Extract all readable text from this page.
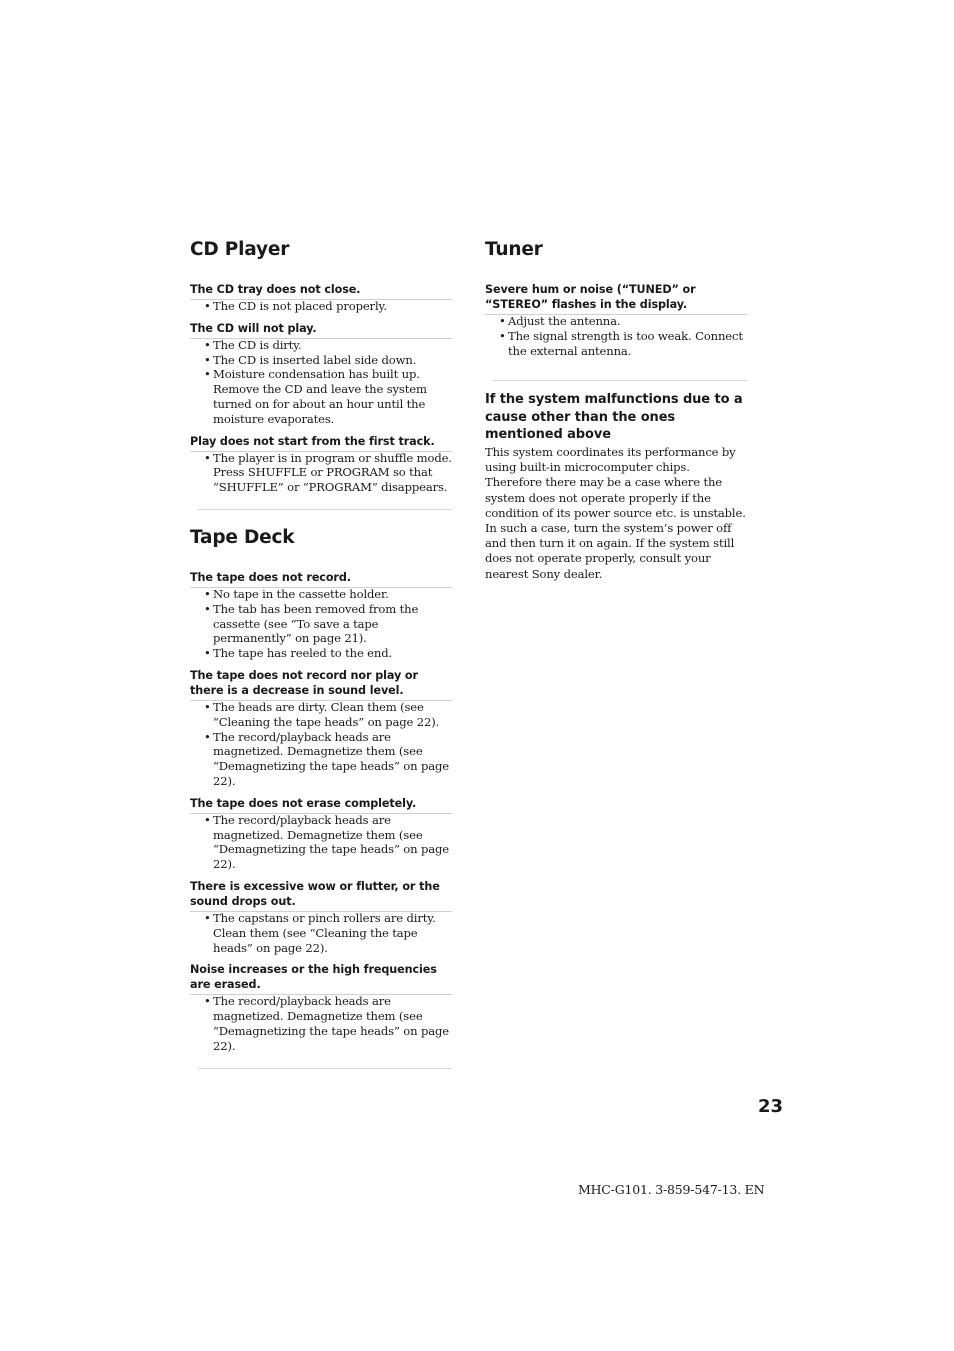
CD Player

The CD tray does not close.

• The CD is not placed properly.

The CD will not play.

• The CD is dirty.
• The CD is inserted label side down.
• Moisture condensation has built up. Remove the CD and leave the system turned on for about an hour until the moisture evaporates.

Play does not start from the first track.

• The player is in program or shuffle mode. Press SHUFFLE or PROGRAM so that “SHUFFLE” or “PROGRAM” disappears.
Tape Deck

The tape does not record.

• No tape in the cassette holder.
• The tab has been removed from the cassette (see “To save a tape permanently” on page 21).
• The tape has reeled to the end.

The tape does not record nor play or there is a decrease in sound level.

• The heads are dirty. Clean them (see “Cleaning the tape heads” on page 22).
• The record/playback heads are magnetized. Demagnetize them (see “Demagnetizing the tape heads” on page 22).

The tape does not erase completely.

• The record/playback heads are magnetized. Demagnetize them (see “Demagnetizing the tape heads” on page 22).

There is excessive wow or flutter, or the sound drops out.

• The capstans or pinch rollers are dirty. Clean them (see “Cleaning the tape heads” on page 22).

Noise increases or the high frequencies are erased.

• The record/playback heads are magnetized. Demagnetize them (see “Demagnetizing the tape heads” on page 22).
Tuner

Severe hum or noise (“TUNED” or “STEREO” flashes in the display.

• Adjust the antenna.
• The signal strength is too weak. Connect the external antenna.
If the system malfunctions due to a cause other than the ones mentioned above

This system coordinates its performance by using built-in microcomputer chips. Therefore there may be a case where the system does not operate properly if the condition of its power source etc. is unstable. In such a case, turn the system’s power off and then turn it on again. If the system still does not operate properly, consult your nearest Sony dealer.

23
MHC-G101. 3-859-547-13. EN
